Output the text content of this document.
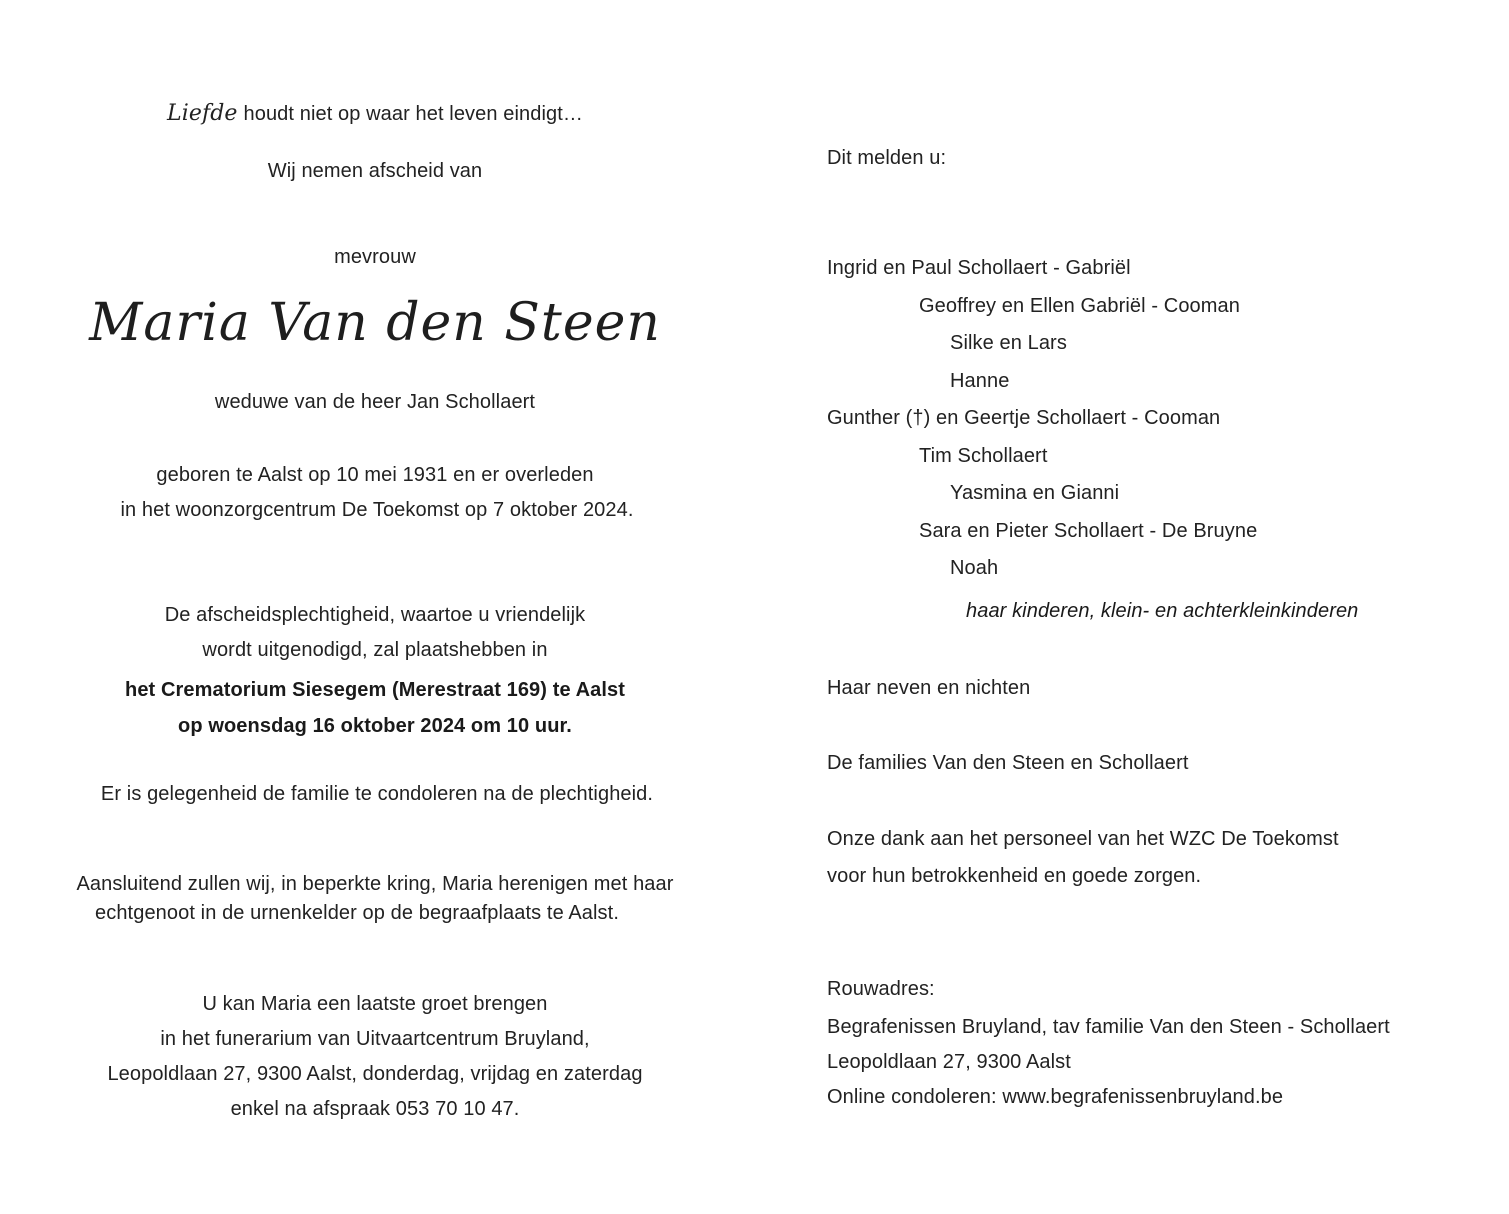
Liefde houdt niet op waar het leven eindigt…

Wij nemen afscheid van

mevrouw

Maria Van den Steen

weduwe van de heer Jan Schollaert

geboren te Aalst op 10 mei 1931 en er overleden

in het woonzorgcentrum De Toekomst op 7 oktober 2024.

De afscheidsplechtigheid, waartoe u vriendelijk

wordt uitgenodigd, zal plaatshebben in

het Crematorium Siesegem (Merestraat 169) te Aalst

op woensdag 16 oktober 2024 om 10 uur.

Er is gelegenheid de familie te condoleren na de plechtigheid.

Aansluitend zullen wij, in beperkte kring, Maria herenigen met haar

echtgenoot in de urnenkelder op de begraafplaats te Aalst.

U kan Maria een laatste groet brengen

in het funerarium van Uitvaartcentrum Bruyland,

Leopoldlaan 27, 9300 Aalst, donderdag, vrijdag en zaterdag

enkel na afspraak 053 70 10 47.

Dit melden u:

Ingrid en Paul Schollaert - Gabriël

Geoffrey en Ellen Gabriël - Cooman

Silke en Lars

Hanne

Gunther (†) en Geertje Schollaert - Cooman

Tim Schollaert

Yasmina en Gianni

Sara en Pieter Schollaert - De Bruyne

Noah

haar kinderen, klein- en achterkleinkinderen

Haar neven en nichten

De families Van den Steen en Schollaert

Onze dank aan het personeel van het WZC De Toekomst

voor hun betrokkenheid en goede zorgen.

Rouwadres:

Begrafenissen Bruyland, tav familie Van den Steen - Schollaert

Leopoldlaan 27, 9300 Aalst

Online condoleren: www.begrafenissenbruyland.be
